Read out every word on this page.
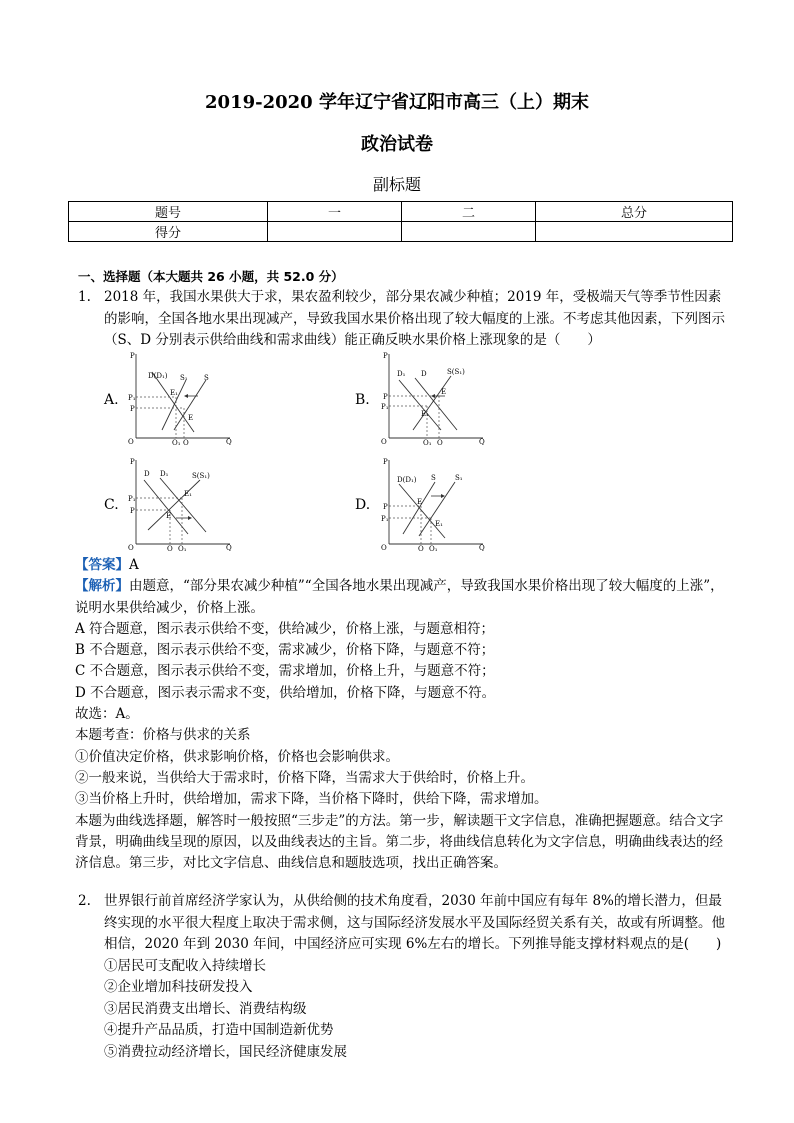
2019-2020 学年辽宁省辽阳市高三（上）期末
政治试卷
副标题
题号	一	二	总分
得分			
一、选择题（本大题共 26 小题，共 52.0 分）
1. 2018 年，我国水果供大于求，果农盈利较少，部分果农减少种植；2019 年，受极端天气等季节性因素的影响，全国各地水果出现减产，导致我国水果价格出现了较大幅度的上涨。不考虑其他因素，下列图示（S、D 分别表示供给曲线和需求曲线）能正确反映水果价格上涨现象的是（　　）
A.	B.
C.	D.
P
O	Q
D(D₁) S₁ S
P₁
P
E₁
E
Q₁ Q
P
O	Q
D₁ D	S(S₁)
P
P₁
E
E₁
Q₁ Q
P
O	Q
D D₁	S(S₁)
P₁
P
E₁
E
Q Q₁
P
O	Q
D(D₁) S	S₁
P
P₁
E
E₁
Q Q₁
【答案】A
【解析】由题意，“部分果农减少种植”“全国各地水果出现减产，导致我国水果价格出现了较大幅度的上涨”，说明水果供给减少，价格上涨。
A 符合题意，图示表示供给不变，供给减少，价格上涨，与题意相符；
B 不合题意，图示表示供给不变，需求减少，价格下降，与题意不符；
C 不合题意，图示表示供给不变，需求增加，价格上升，与题意不符；
D 不合题意，图示表示需求不变，供给增加，价格下降，与题意不符。
故选：A。
本题考查：价格与供求的关系
①价值决定价格，供求影响价格，价格也会影响供求。
②一般来说，当供给大于需求时，价格下降，当需求大于供给时，价格上升。
③当价格上升时，供给增加，需求下降，当价格下降时，供给下降，需求增加。
本题为曲线选择题，解答时一般按照“三步走”的方法。第一步，解读题干文字信息，准确把握题意。结合文字背景，明确曲线呈现的原因，以及曲线表达的主旨。第二步，将曲线信息转化为文字信息，明确曲线表达的经济信息。第三步，对比文字信息、曲线信息和题肢选项，找出正确答案。
2. 世界银行前首席经济学家认为，从供给侧的技术角度看，2030 年前中国应有每年 8%的增长潜力，但最终实现的水平很大程度上取决于需求侧，这与国际经济发展水平及国际经贸关系有关，故或有所调整。他相信，2020 年到 2030 年间，中国经济应可实现 6%左右的增长。下列推导能支撑材料观点的是(　　)
①居民可支配收入持续增长
②企业增加科技研发投入
③居民消费支出增长、消费结构级
④提升产品品质，打造中国制造新优势
⑤消费拉动经济增长，国民经济健康发展
